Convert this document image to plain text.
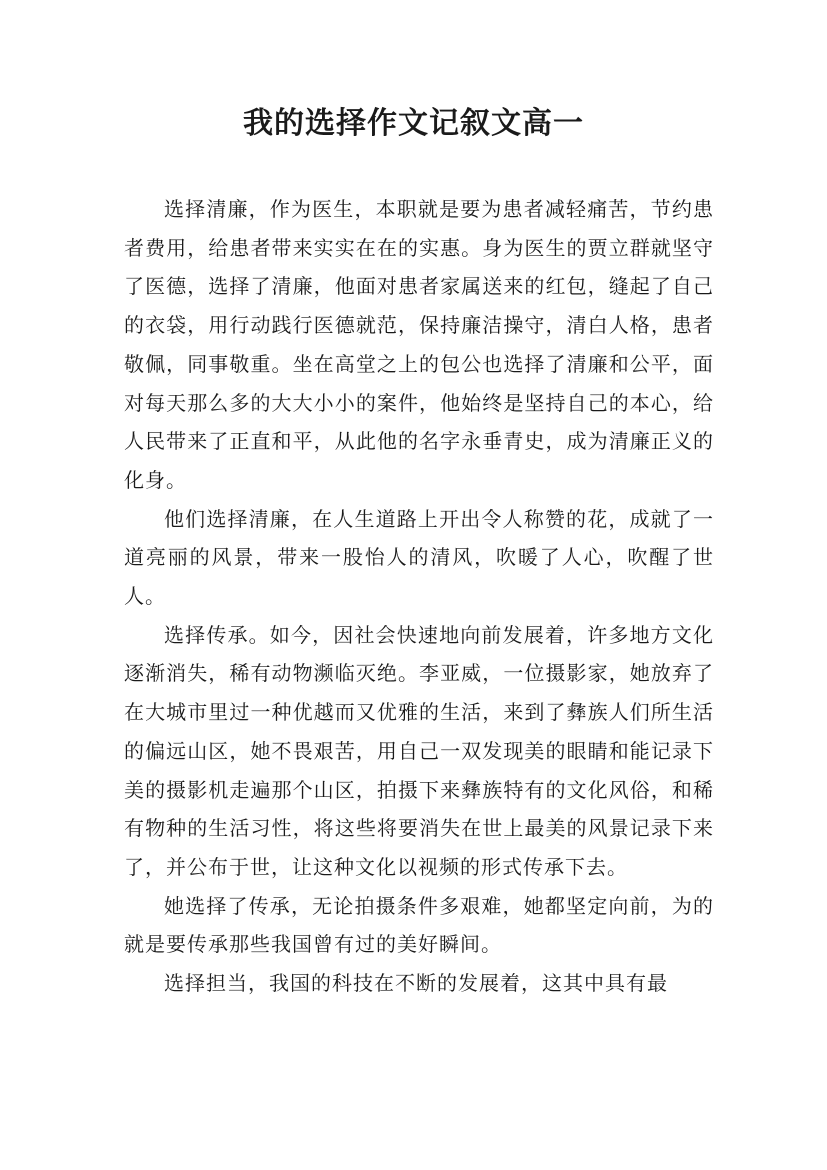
我的选择作文记叙文高一

选择清廉，作为医生，本职就是要为患者减轻痛苦，节约患者费用，给患者带来实实在在的实惠。身为医生的贾立群就坚守了医德，选择了清廉，他面对患者家属送来的红包，缝起了自己的衣袋，用行动践行医德就范，保持廉洁操守，清白人格，患者敬佩，同事敬重。坐在高堂之上的包公也选择了清廉和公平，面对每天那么多的大大小小的案件，他始终是坚持自己的本心，给人民带来了正直和平，从此他的名字永垂青史，成为清廉正义的化身。

他们选择清廉，在人生道路上开出令人称赞的花，成就了一道亮丽的风景，带来一股怡人的清风，吹暖了人心，吹醒了世人。

选择传承。如今，因社会快速地向前发展着，许多地方文化逐渐消失，稀有动物濒临灭绝。李亚威，一位摄影家，她放弃了在大城市里过一种优越而又优雅的生活，来到了彝族人们所生活的偏远山区，她不畏艰苦，用自己一双发现美的眼睛和能记录下美的摄影机走遍那个山区，拍摄下来彝族特有的文化风俗，和稀有物种的生活习性，将这些将要消失在世上最美的风景记录下来了，并公布于世，让这种文化以视频的形式传承下去。

她选择了传承，无论拍摄条件多艰难，她都坚定向前，为的就是要传承那些我国曾有过的美好瞬间。

选择担当，我国的科技在不断的发展着，这其中具有最
